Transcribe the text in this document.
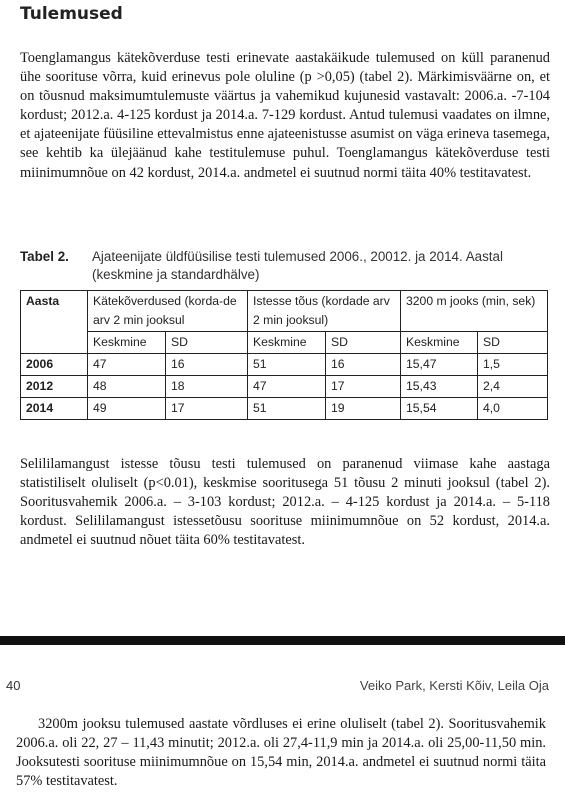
Tulemused

Toenglamangus kätekõverduse testi erinevate aastakäikude tulemused on küll paranenud ühe soorituse võrra, kuid erinevus pole oluline (p >0,05) (tabel 2). Märkimisväärne on, et on tõusnud maksimumtulemuste väärtus ja vahemikud kujunesid vastavalt: 2006.a. -7-104 kordust; 2012.a. 4-125 kordust ja 2014.a. 7-129 kordust. Antud tulemusi vaadates on ilmne, et ajateenijate füüsiline ettevalmistus enne ajateenistusse asumist on väga erineva tasemega, see kehtib ka ülejäänud kahe testitulemuse puhul. Toenglamangus kätekõverduse testi miinimumnõue on 42 kordust, 2014.a. andmetel ei suutnud normi täita 40% testitavatest.

Tabel 2. Ajateenijate üldfüüsilise testi tulemused 2006., 20012. ja 2014. Aastal (keskmine ja standardhälve)
Aasta	Kätekõverdused (korda-de arv 2 min jooksul		Istesse tõus (kordade arv 2 min jooksul)		3200 m jooks (min, sek)	
	Keskmine	SD	Keskmine	SD	Keskmine	SD
2006	47	16	51	16	15,47	1,5
2012	48	18	47	17	15,43	2,4
2014	49	17	51	19	15,54	4,0

Selililamangust istesse tõusu testi tulemused on paranenud viimase kahe aastaga statistiliselt oluliselt (p<0.01), keskmise sooritusega 51 tõusu 2 minuti jooksul (tabel 2). Sooritusvahemik 2006.a. – 3-103 kordust; 2012.a. – 4-125 kordust ja 2014.a. – 5-118 kordust. Selililamangust istessetõusu soorituse miinimumnõue on 52 kordust, 2014.a. andmetel ei suutnud nõuet täita 60% testitavatest.

40	Veiko Park, Kersti Kõiv, Leila Oja

3200m jooksu tulemused aastate võrdluses ei erine oluliselt (tabel 2). Sooritusvahemik 2006.a. oli 22, 27 – 11,43 minutit; 2012.a. oli 27,4-11,9 min ja 2014.a. oli 25,00-11,50 min. Jooksutesti soorituse miinimumnõue on 15,54 min, 2014.a. andmetel ei suutnud normi täita 57% testitavatest.
